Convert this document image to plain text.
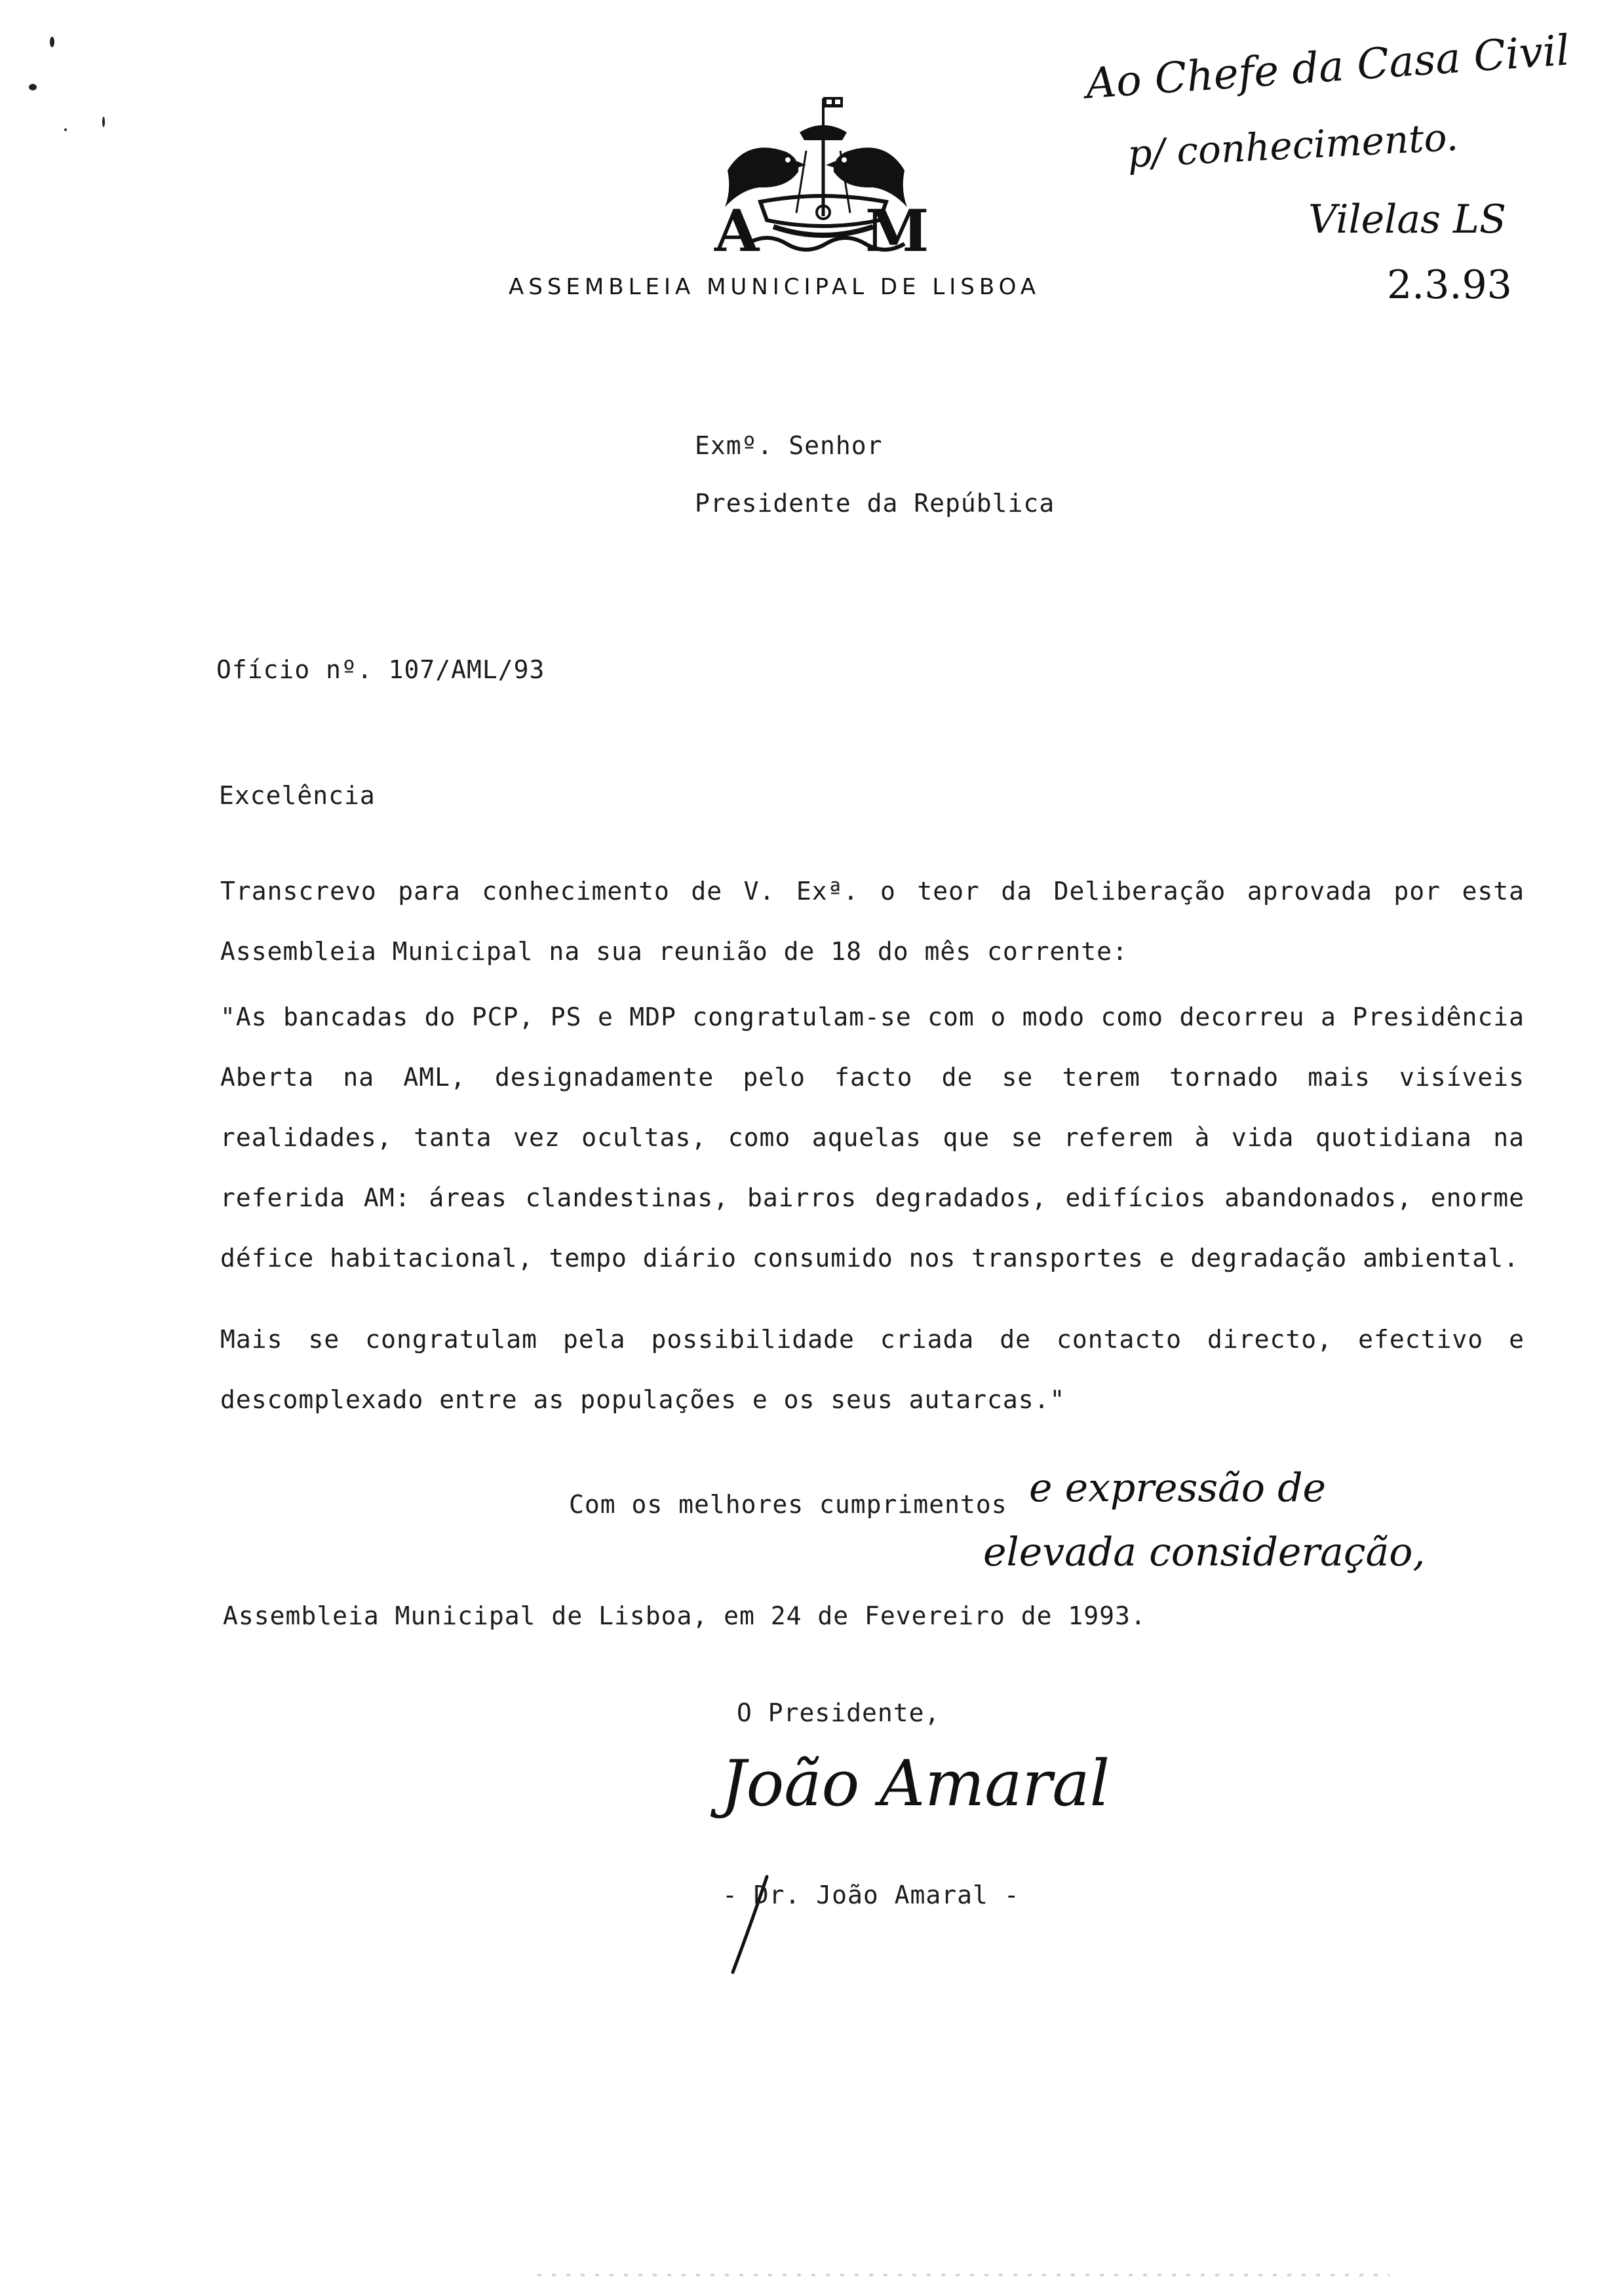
A M
ASSEMBLEIA MUNICIPAL DE LISBOA
Ao Chefe da Casa Civil
p/ conhecimento.
Vilelas LS
2.3.93
Exmº. Senhor
Presidente da República
Ofício nº. 107/AML/93
Excelência
Transcrevo para conhecimento de V. Exª. o teor da Deliberação aprovada por esta Assembleia Municipal na sua reunião de 18 do mês corrente:
"As bancadas do PCP, PS e MDP congratulam-se com o modo como decorreu a Presidência Aberta na AML, designadamente pelo facto de se terem tornado mais visíveis realidades, tanta vez ocultas, como aquelas que se referem à vida quotidiana na referida AM: áreas clandestinas, bairros degradados, edifícios abandonados, enorme défice habitacional, tempo diário consumido nos transportes e degradação ambiental.
Mais se congratulam pela possibilidade criada de contacto directo, efectivo e descomplexado entre as populações e os seus autarcas."
Com os melhores cumprimentos e expressão de
elevada consideração,
Assembleia Municipal de Lisboa, em 24 de Fevereiro de 1993.
O Presidente,
João Amaral
- Dr. João Amaral -
